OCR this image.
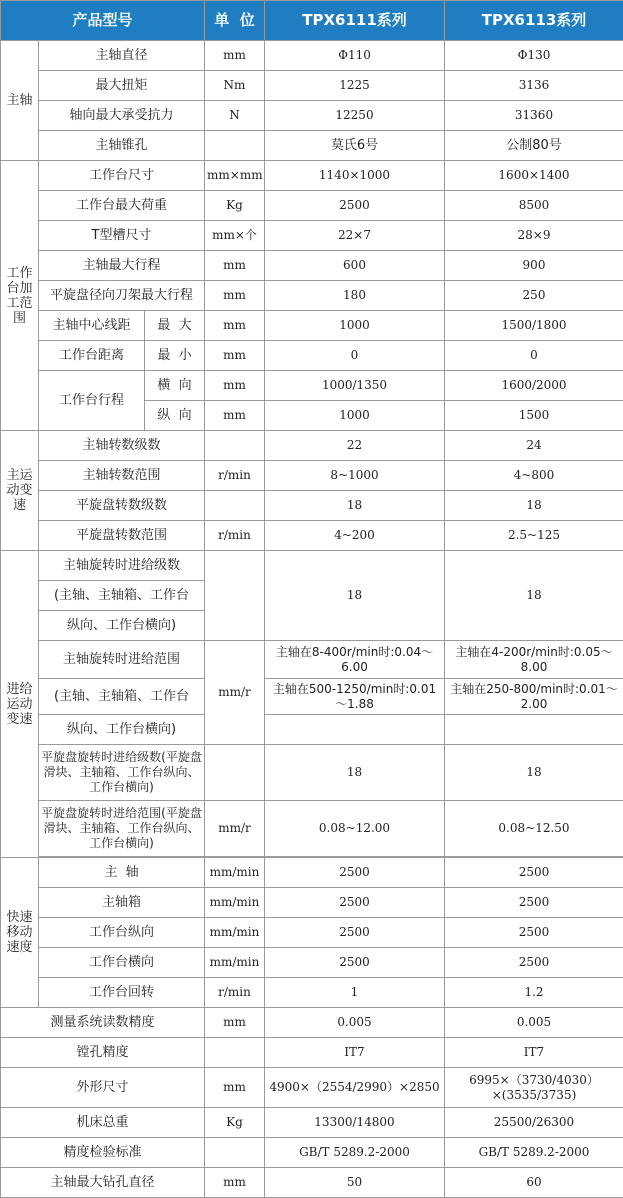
产品型号			单  位	TPX6111系列	TPX6113系列
主轴	主轴直径		mm	Φ110	Φ130
	最大扭矩		Nm	1225	3136
	轴向最大承受抗力		N	12250	31360
	主轴锥孔			莫氏6号	公制80号
工作台加工范围	工作台尺寸		mm×mm	1140×1000	1600×1400
	工作台最大荷重		Kg	2500	8500
	T型槽尺寸		mm×个	22×7	28×9
	主轴最大行程		mm	600	900
	平旋盘径向刀架最大行程		mm	180	250
	主轴中心线距	最  大	mm	1000	1500/1800
	工作台距离	最  小	mm	0	0
	工作台行程	横  向	mm	1000/1350	1600/2000
		纵  向	mm	1000	1500
主运动变速	主轴转数级数			22	24
	主轴转数范围		r/min	8~1000	4~800
	平旋盘转数级数			18	18
	平旋盘转数范围		r/min	4~200	2.5~125
进给运动变速	主轴旋转时进给级数			18	18
	(主轴、主轴箱、工作台				
	纵向、工作台横向)				
	主轴旋转时进给范围		mm/r	主轴在8-400r/min时:0.04～6.00	主轴在4-200r/min时:0.05～8.00
	(主轴、主轴箱、工作台			主轴在500-1250/min时:0.01～1.88	主轴在250-800/min时:0.01～2.00
	纵向、工作台横向)				
	平旋盘旋转时进给级数(平旋盘滑块、主轴箱、工作台纵向、工作台横向)			18	18
	平旋盘旋转时进给范围(平旋盘滑块、主轴箱、工作台纵向、工作台横向)		mm/r	0.08~12.00	0.08~12.50

快速移动速度	主  轴		mm/min	2500	2500
	主轴箱		mm/min	2500	2500
	工作台纵向		mm/min	2500	2500
	工作台横向		mm/min	2500	2500
	工作台回转		r/min	1	1.2
测量系统读数精度			mm	0.005	0.005
镗孔精度				IT7	IT7
外形尺寸			mm	4900×（2554/2990）×2850	6995×（3730/4030）×(3535/3735)
机床总重			Kg	13300/14800	25500/26300
精度检验标准				GB/T 5289.2-2000	GB/T 5289.2-2000
主轴最大钻孔直径			mm	50	60
